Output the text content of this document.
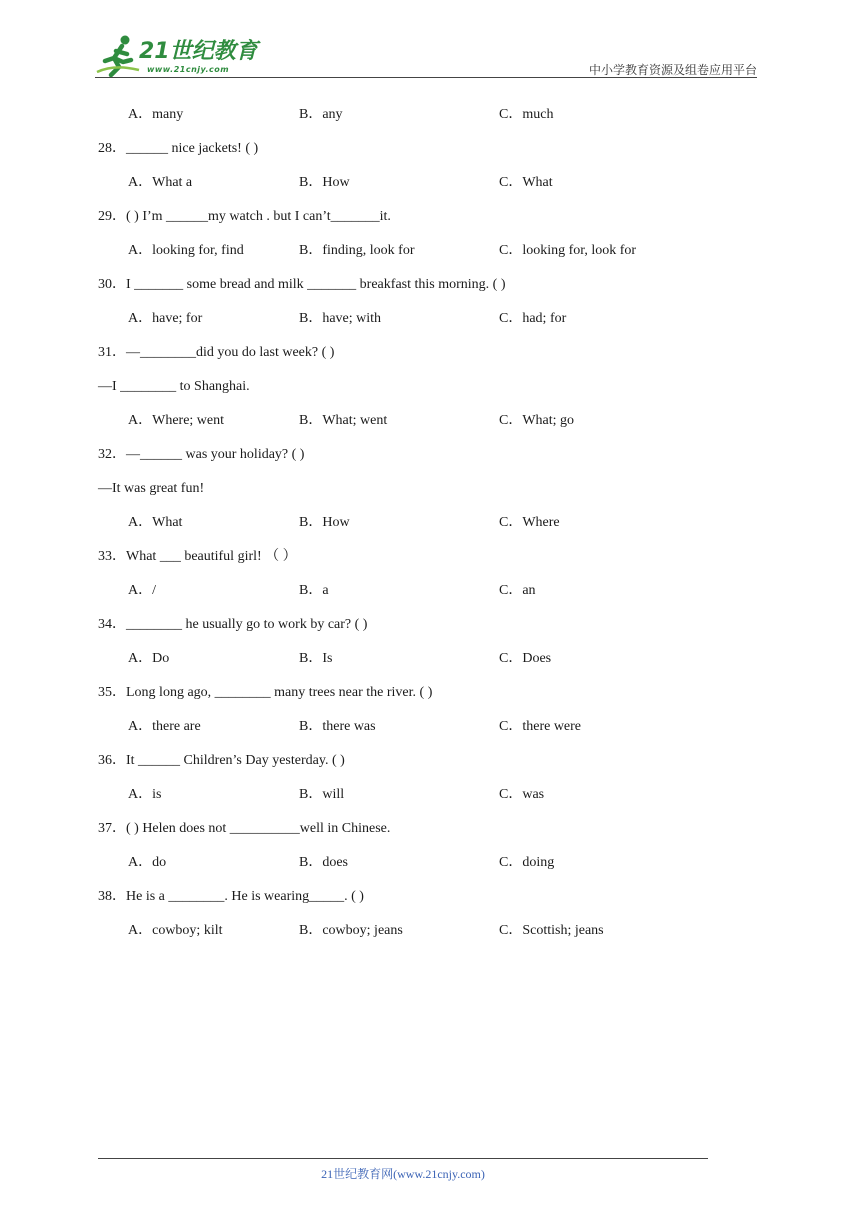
21世纪教育
www.21cnjy.com	中小学教育资源及组卷应用平台
A．many	B．any	C．much
28．______ nice jackets! ( )
A．What a	B．How	C．What
29．( ) I’m ______my watch . but I can’t_______it.
A．looking for, find	B．finding, look for	C．looking for, look for
30．I _______ some bread and milk _______ breakfast this morning. ( )
A．have; for	B．have; with	C．had; for
31．—________did you do last week? ( )
—I ________ to Shanghai.
A．Where; went	B．What; went	C．What; go
32．—______ was your holiday? ( )
—It was great fun!
A．What	B．How	C．Where
33．What ___ beautiful girl! （ ）
A．/	B．a	C．an
34．________ he usually go to work by car? ( )
A．Do	B．Is	C．Does
35．Long long ago, ________ many trees near the river. ( )
A．there are	B．there was	C．there were
36．It ______ Children’s Day yesterday. ( )
A．is	B．will	C．was
37．( ) Helen does not __________well in Chinese.
A．do	B．does	C．doing
38．He is a ________. He is wearing_____. ( )
A．cowboy; kilt	B．cowboy; jeans	C．Scottish; jeans
21世纪教育网(www.21cnjy.com)
